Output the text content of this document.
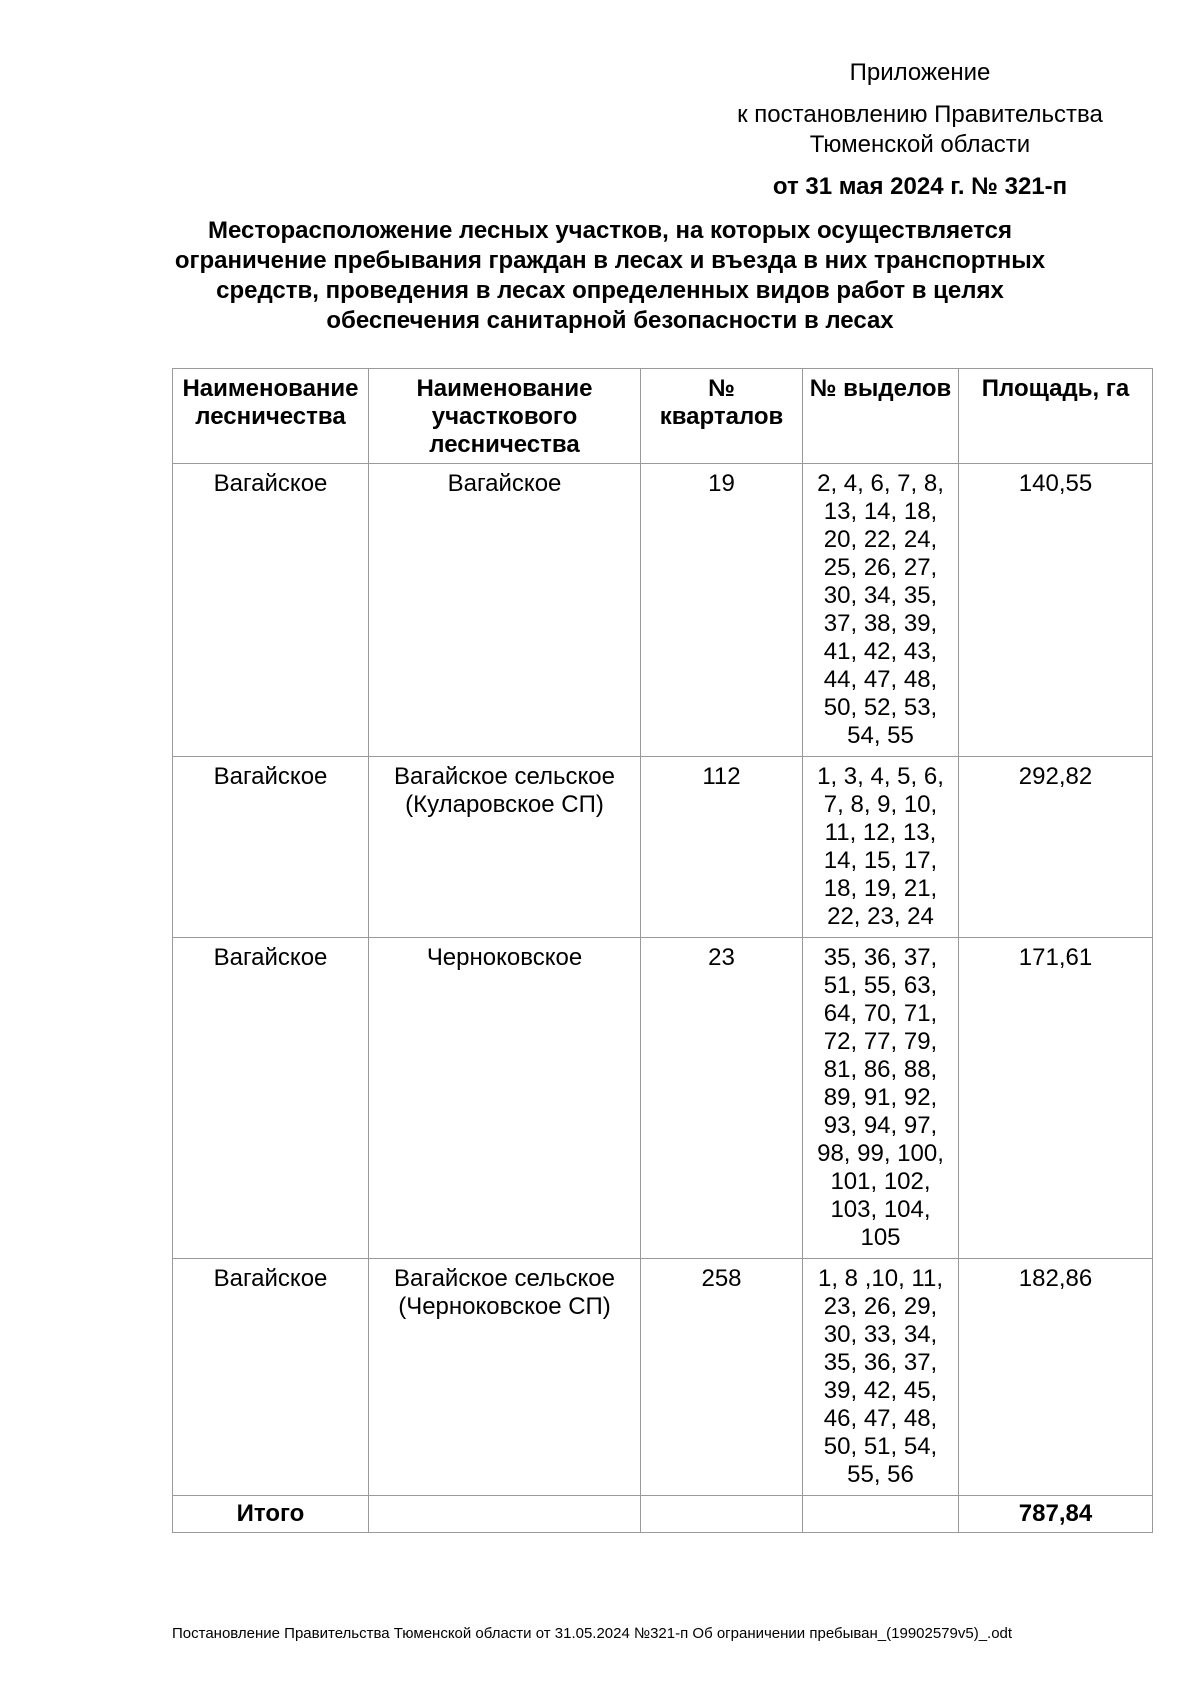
Приложение
к постановлению Правительства
Тюменской области
от 31 мая 2024 г. № 321-п
Месторасположение лесных участков, на которых осуществляется
ограничение пребывания граждан в лесах и въезда в них транспортных
средств, проведения в лесах определенных видов работ в целях
обеспечения санитарной безопасности в лесах
Наименование лесничества	Наименование участкового лесничества	№ кварталов	№ выделов	Площадь, га
Вагайское	Вагайское	19	2, 4, 6, 7, 8, 13, 14, 18, 20, 22, 24, 25, 26, 27, 30, 34, 35, 37, 38, 39, 41, 42, 43, 44, 47, 48, 50, 52, 53, 54, 55	140,55
Вагайское	Вагайское сельское (Куларовское СП)	112	1, 3, 4, 5, 6, 7, 8, 9, 10, 11, 12, 13, 14, 15, 17, 18, 19, 21, 22, 23, 24	292,82
Вагайское	Черноковское	23	35, 36, 37, 51, 55, 63, 64, 70, 71, 72, 77, 79, 81, 86, 88, 89, 91, 92, 93, 94, 97, 98, 99, 100, 101, 102, 103, 104, 105	171,61
Вагайское	Вагайское сельское (Черноковское СП)	258	1, 8 ,10, 11, 23, 26, 29, 30, 33, 34, 35, 36, 37, 39, 42, 45, 46, 47, 48, 50, 51, 54, 55, 56	182,86
Итого				787,84
Постановление Правительства Тюменской области от 31.05.2024 №321-п Об ограничении пребыван_(19902579v5)_.odt
